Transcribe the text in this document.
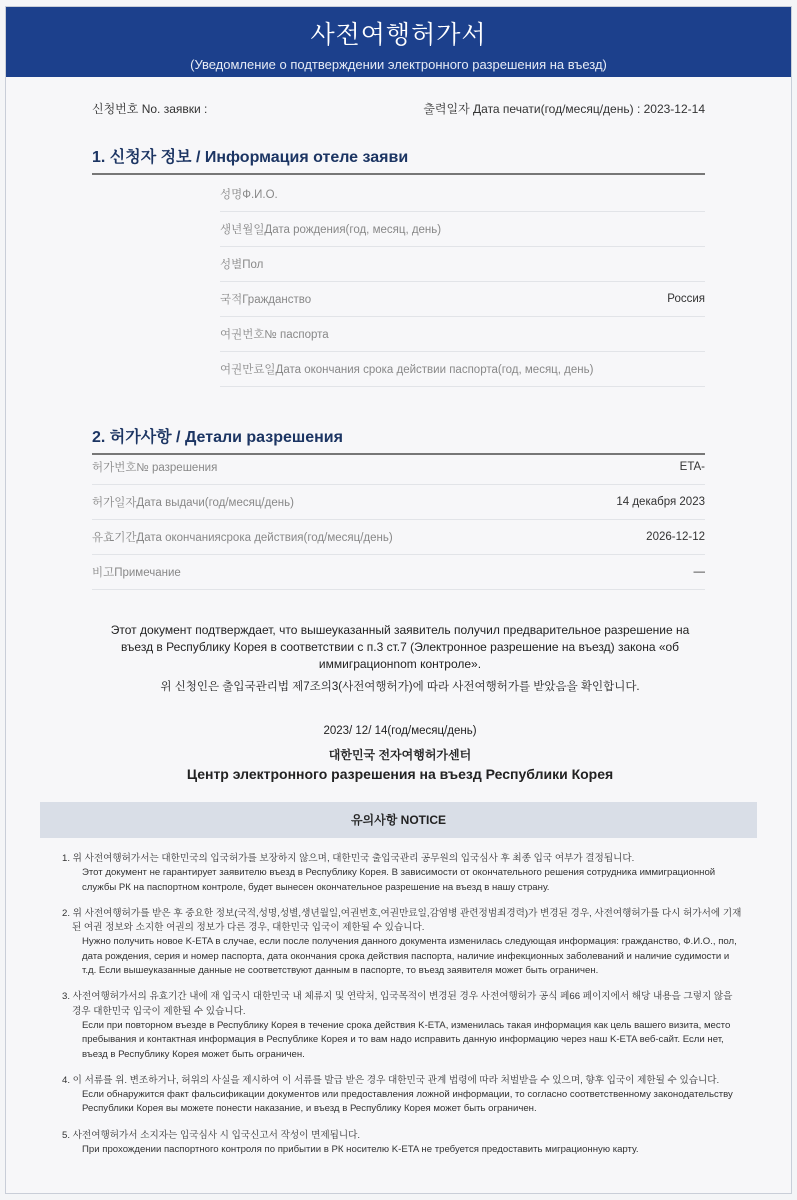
사전여행허가서
(Уведомление о подтверждении электронного разрешения на въезд)
신청번호 No. заявки :	출력일자 Дата печати(год/месяц/день) : 2023-12-14
1. 신청자 정보 / Информация отеле заяви
성명Ф.И.О.
생년월일Дата рождения(год, месяц, день)
성별Пол
국적Гражданство	Россия
여권번호№ паспорта
여권만료일Дата окончания срока действии паспорта(год, месяц, день)
2. 허가사항 / Детали разрешения
허가번호№ разрешения	ETA-
허가일자Дата выдачи(год/месяц/день)	14 декабря 2023
유효기간Дата окончаниясрока действия(год/месяц/день)	2026-12-12
비고Примечание	—
Этот документ подтверждает, что вышеуказанный заявитель получил предварительное разрешение на въезд в Республику Корея в соответствии с п.3 ст.7 (Электронное разрешение на въезд) закона «об иммиграционnom контроле».
위 신청인은 출입국관리법 제7조의3(사전여행허가)에 따라 사전여행허가를 받았음을 확인합니다.
2023/ 12/ 14(год/месяц/день)
대한민국 전자여행허가센터
Центр электронного разрешения на въезд Республики Корея
유의사항 NOTICE
1. 위 사전여행허가서는 대한민국의 입국허가를 보장하지 않으며, 대한민국 출입국관리 공무원의 입국심사 후 최종 입국 여부가 결정됩니다.
Этот документ не гарантирует заявителю въезд в Республику Корея. В зависимости от окончательного решения сотрудника иммиграционной службы РК на паспортном контроле, будет вынесен окончательное разрешение на въезд в нашу страну.
2. 위 사전여행허가를 받은 후 중요한 정보(국적,성명,성별,생년월일,여권번호,여권만료일,감염병 관련정범죄경력)가 변경된 경우, 사전여행허가를 다시 허가서에 기재된 여권 정보와 소지한 여권의 정보가 다른 경우, 대한민국 입국이 제한될 수 있습니다.
Нужно получить новое K-ETA в случае, если после получения данного документа изменилась следующая информация: гражданство, Ф.И.О., пол, дата рождения, серия и номер паспорта, дата окончания срока действия паспорта, наличие инфекционных заболеваний и наличие судимости и т.д. Если вышеуказанные данные не соответствуют данным в паспорте, то въезд заявителя может быть ограничен.
3. 사전여행허가서의 유효기간 내에 재 입국시 대한민국 내 체류지 및 연락처, 입국목적이 변경된 경우 사전여행허가 공식 페66 페이지에서 해당 내용을 그렇지 않을 경우 대한민국 입국이 제한될 수 있습니다.
Если при повторном въезде в Республику Корея в течение срока действия K-ETA, изменилась такая информация как цель вашего визита, место пребывания и контактная информация в Республике Корея и то вам надо исправить данную информацию через наш K-ETA веб-сайт. Если нет, въезд в Республику Корея может быть ограничен.
4. 이 서류를 위. 변조하거나, 허위의 사실을 제시하여 이 서류를 발급 받은 경우 대한민국 관계 법령에 따라 처벌받을 수 있으며, 향후 입국이 제한될 수 있습니다.
Если обнаружится факт фальсификации документов или предоставления ложной информации, то согласно соответственному законодательству Республики Корея вы можете понести наказание, и въезд в Республику Корея может быть ограничен.
5. 사전여행허가서 소지자는 입국심사 시 입국신고서 작성이 면제됩니다.
При прохождении паспортного контроля по прибытии в РК носителю K-ETA не требуется предоставить миграционную карту.
